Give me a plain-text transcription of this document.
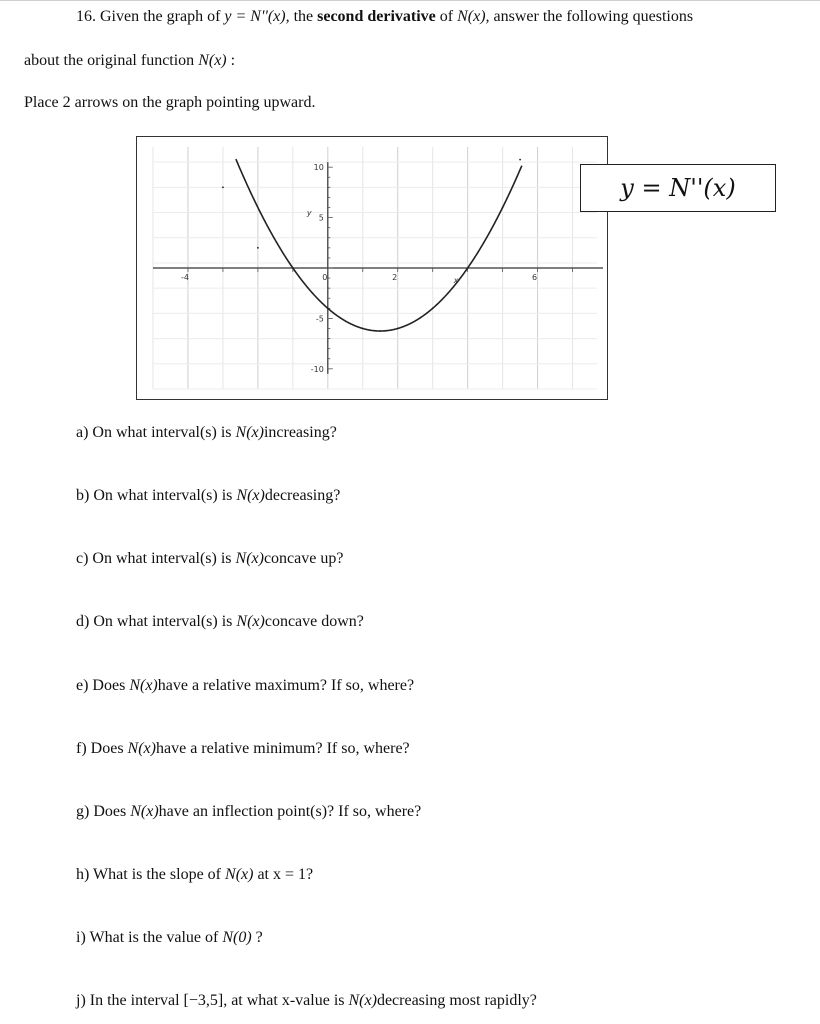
16. Given the graph of y = N''(x), the second derivative of N(x), answer the following questions
about the original function N(x) :
Place 2 arrows on the graph pointing upward.
-4	0	2	6
10
5
-5
-10
y
x
y = N''(x)
a) On what interval(s) is N(x)increasing?
b) On what interval(s) is N(x)decreasing?
c) On what interval(s) is N(x)concave up?
d) On what interval(s) is N(x)concave down?
e) Does N(x)have a relative maximum? If so, where?
f) Does N(x)have a relative minimum? If so, where?
g) Does N(x)have an inflection point(s)? If so, where?
h) What is the slope of N(x) at x = 1?
i) What is the value of N(0) ?
j) In the interval [−3,5], at what x-value is N(x)decreasing most rapidly?
